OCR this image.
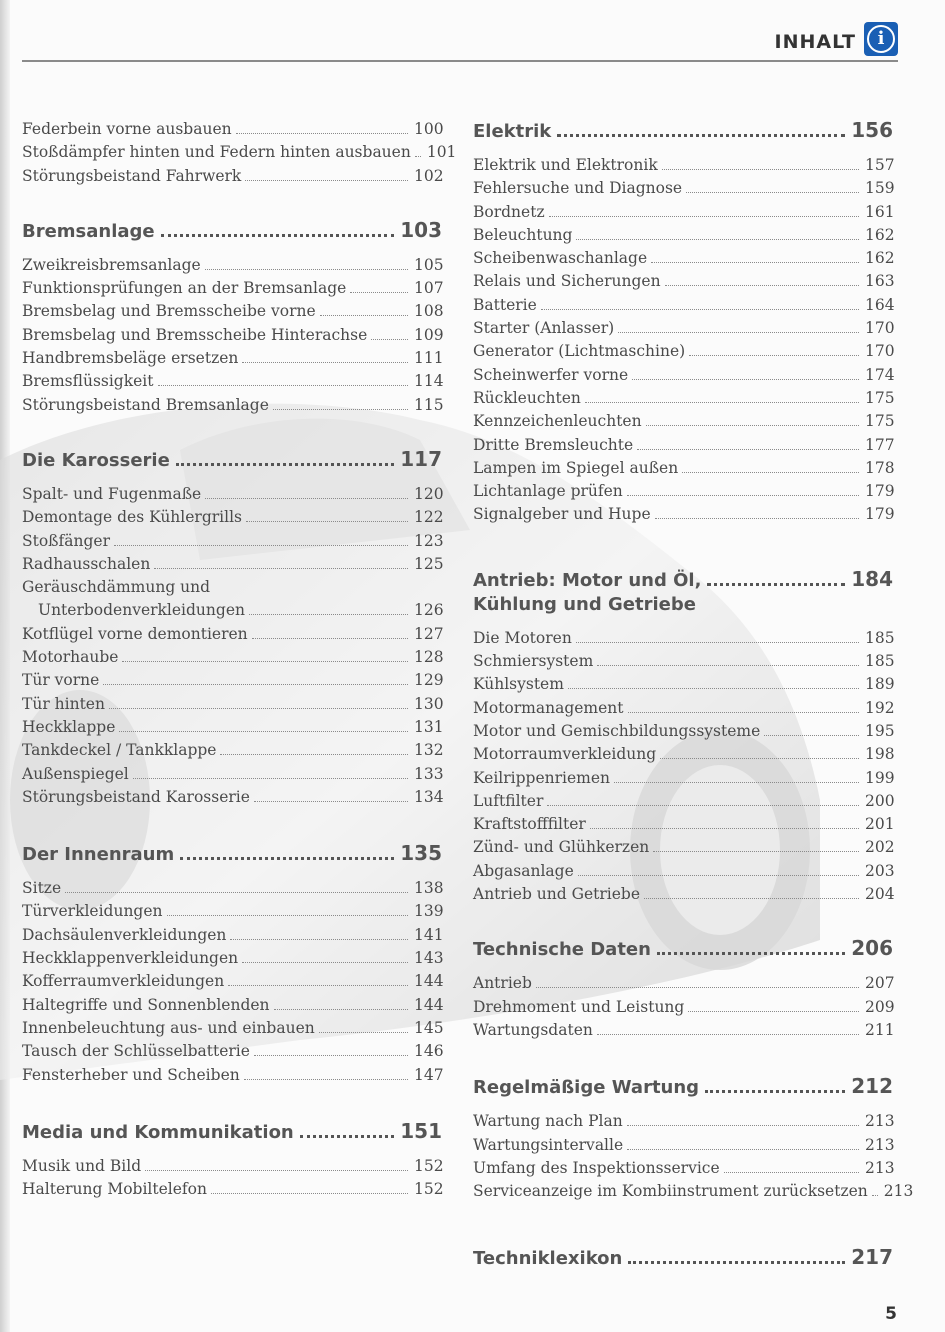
INHALT	i
Federbein vorne ausbauen	100
Stoßdämpfer hinten und Federn hinten ausbauen 101
Störungsbeistand Fahrwerk	102
Bremsanlage	103
Zweikreisbremsanlage	105
Funktionsprüfungen an der Bremsanlage	107
Bremsbelag und Bremsscheibe vorne	108
Bremsbelag und Bremsscheibe Hinterachse	109
Handbremsbeläge ersetzen	111
Bremsflüssigkeit	114
Störungsbeistand Bremsanlage	115
Die Karosserie	117
Spalt- und Fugenmaße	120
Demontage des Kühlergrills	122
Stoßfänger	123
Radhausschalen	125
Geräuschdämmung und
Unterbodenverkleidungen	126
Kotflügel vorne demontieren	127
Motorhaube	128
Tür vorne	129
Tür hinten	130
Heckklappe	131
Tankdeckel / Tankklappe	132
Außenspiegel	133
Störungsbeistand Karosserie	134
Der Innenraum	135
Sitze	138
Türverkleidungen	139
Dachsäulenverkleidungen	141
Heckklappenverkleidungen	143
Kofferraumverkleidungen	144
Haltegriffe und Sonnenblenden	144
Innenbeleuchtung aus- und einbauen	145
Tausch der Schlüsselbatterie	146
Fensterheber und Scheiben	147
Media und Kommunikation	151
Musik und Bild	152
Halterung Mobiltelefon	152
Elektrik	156
Elektrik und Elektronik	157
Fehlersuche und Diagnose	159
Bordnetz	161
Beleuchtung	162
Scheibenwaschanlage	162
Relais und Sicherungen	163
Batterie	164
Starter (Anlasser)	170
Generator (Lichtmaschine)	170
Scheinwerfer vorne	174
Rückleuchten	175
Kennzeichenleuchten	175
Dritte Bremsleuchte	177
Lampen im Spiegel außen	178
Lichtanlage prüfen	179
Signalgeber und Hupe	179
Antrieb: Motor und Öl,
Kühlung und Getriebe
184
Die Motoren	185
Schmiersystem	185
Kühlsystem	189
Motormanagement	192
Motor und Gemischbildungssysteme	195
Motorraumverkleidung	198
Keilrippenriemen	199
Luftfilter	200
Kraftstofffilter	201
Zünd- und Glühkerzen	202
Abgasanlage	203
Antrieb und Getriebe	204
Technische Daten	206
Antrieb	207
Drehmoment und Leistung	209
Wartungsdaten	211
Regelmäßige Wartung	212
Wartung nach Plan	213
Wartungsintervalle	213
Umfang des Inspektionsservice	213
Serviceanzeige im Kombiinstrument zurücksetzen 213
Techniklexikon	217
5
